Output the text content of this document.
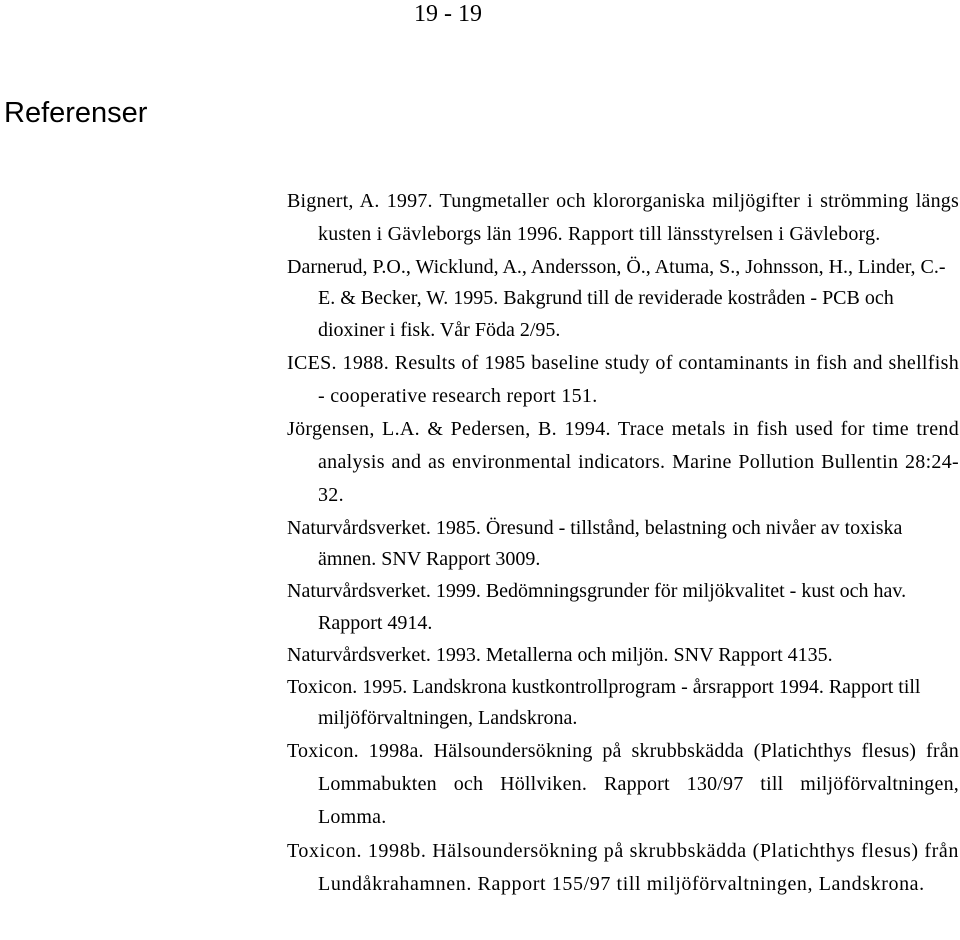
19 - 19
Referenser

Bignert, A. 1997. Tungmetaller och klororganiska miljögifter i strömming längs kusten i Gävleborgs län 1996. Rapport till länsstyrelsen i Gävleborg.

Darnerud, P.O., Wicklund, A., Andersson, Ö., Atuma, S., Johnsson, H., Linder, C.-E. & Becker, W. 1995. Bakgrund till de reviderade kostråden - PCB och dioxiner i fisk. Vår Föda 2/95.

ICES. 1988. Results of 1985 baseline study of contaminants in fish and shellfish - cooperative research report 151.

Jörgensen, L.A. & Pedersen, B. 1994. Trace metals in fish used for time trend analysis and as environmental indicators. Marine Pollution Bullentin 28:24-32.

Naturvårdsverket. 1985. Öresund - tillstånd, belastning och nivåer av toxiska ämnen. SNV Rapport 3009.

Naturvårdsverket. 1999. Bedömningsgrunder för miljökvalitet - kust och hav. Rapport 4914.

Naturvårdsverket. 1993. Metallerna och miljön. SNV Rapport 4135.

Toxicon. 1995. Landskrona kustkontrollprogram - årsrapport 1994. Rapport till miljöförvaltningen, Landskrona.

Toxicon. 1998a. Hälsoundersökning på skrubbskädda (Platichthys flesus) från Lommabukten och Höllviken. Rapport 130/97 till miljöförvaltningen, Lomma.

Toxicon. 1998b. Hälsoundersökning på skrubbskädda (Platichthys flesus) från Lundåkrahamnen. Rapport 155/97 till miljöförvaltningen, Landskrona.
